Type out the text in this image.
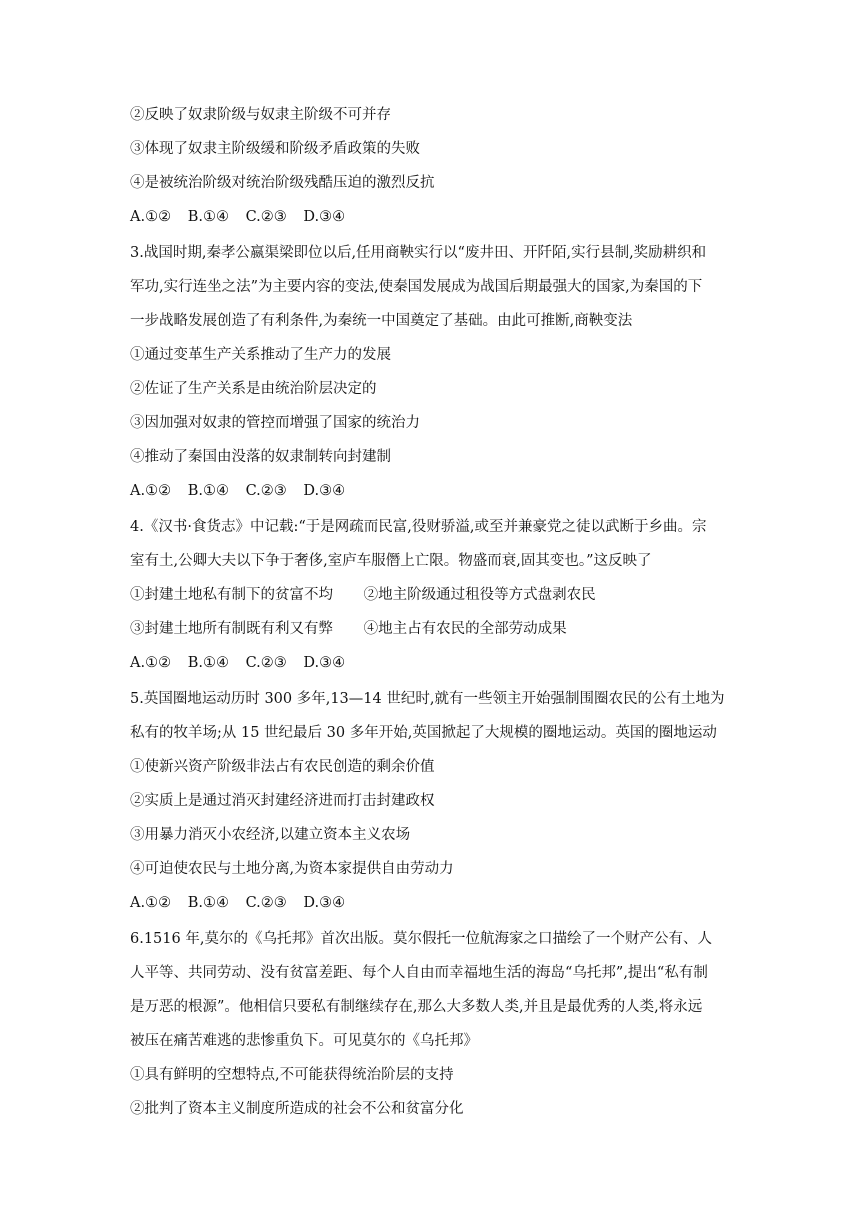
②反映了奴隶阶级与奴隶主阶级不可并存

③体现了奴隶主阶级缓和阶级矛盾政策的失败

④是被统治阶级对统治阶级残酷压迫的激烈反抗

A.①② B.①④ C.②③ D.③④

3.战国时期,秦孝公嬴渠梁即位以后,任用商鞅实行以“废井田、开阡陌,实行县制,奖励耕织和

军功,实行连坐之法”为主要内容的变法,使秦国发展成为战国后期最强大的国家,为秦国的下

一步战略发展创造了有利条件,为秦统一中国奠定了基础。由此可推断,商鞅变法

①通过变革生产关系推动了生产力的发展

②佐证了生产关系是由统治阶层决定的

③因加强对奴隶的管控而增强了国家的统治力

④推动了秦国由没落的奴隶制转向封建制

A.①② B.①④ C.②③ D.③④

4.《汉书·食货志》中记载:“于是网疏而民富,役财骄溢,或至并兼豪党之徒以武断于乡曲。宗

室有土,公卿大夫以下争于奢侈,室庐车服僭上亡限。物盛而衰,固其变也。”这反映了

①封建土地私有制下的贫富不均 ②地主阶级通过租役等方式盘剥农民

③封建土地所有制既有利又有弊 ④地主占有农民的全部劳动成果

A.①② B.①④ C.②③ D.③④

5.英国圈地运动历时 300 多年,13—14 世纪时,就有一些领主开始强制围圈农民的公有土地为

私有的牧羊场;从 15 世纪最后 30 多年开始,英国掀起了大规模的圈地运动。英国的圈地运动

①使新兴资产阶级非法占有农民创造的剩余价值

②实质上是通过消灭封建经济进而打击封建政权

③用暴力消灭小农经济,以建立资本主义农场

④可迫使农民与土地分离,为资本家提供自由劳动力

A.①② B.①④ C.②③ D.③④

6.1516 年,莫尔的《乌托邦》首次出版。莫尔假托一位航海家之口描绘了一个财产公有、人

人平等、共同劳动、没有贫富差距、每个人自由而幸福地生活的海岛“乌托邦”,提出“私有制

是万恶的根源”。他相信只要私有制继续存在,那么大多数人类,并且是最优秀的人类,将永远

被压在痛苦难逃的悲惨重负下。可见莫尔的《乌托邦》

①具有鲜明的空想特点,不可能获得统治阶层的支持

②批判了资本主义制度所造成的社会不公和贫富分化
